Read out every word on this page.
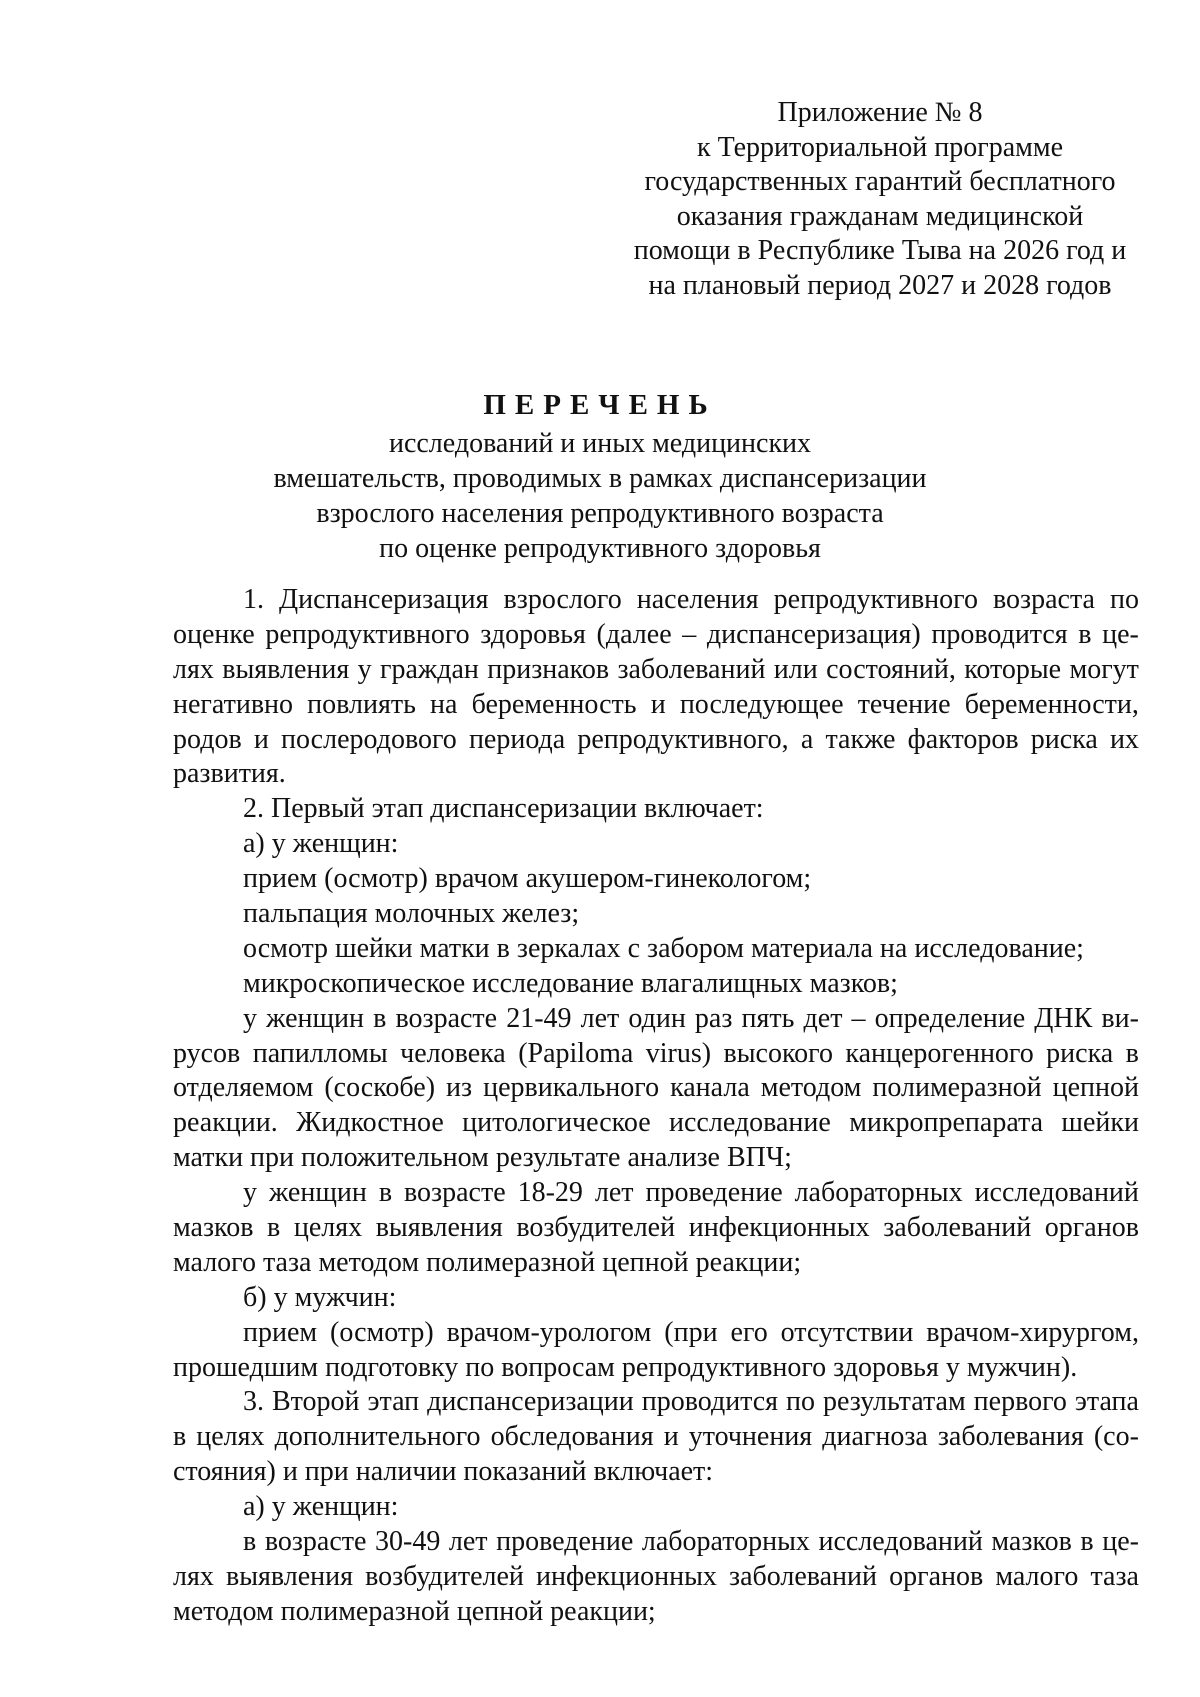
Приложение № 8
к Территориальной программе
государственных гарантий бесплатного
оказания гражданам медицинской
помощи в Республике Тыва на 2026 год и
на плановый период 2027 и 2028 годов
ПЕРЕЧЕНЬ
исследований и иных медицинских
вмешательств, проводимых в рамках диспансеризации
взрослого населения репродуктивного возраста
по оценке репродуктивного здоровья
1. Диспансеризация взрослого населения репродуктивного возраста по
оценке репродуктивного здоровья (далее – диспансеризация) проводится в це-
лях выявления у граждан признаков заболеваний или состояний, которые могут
негативно повлиять на беременность и последующее течение беременности,
родов и послеродового периода репродуктивного, а также факторов риска их
развития.
2. Первый этап диспансеризации включает:
а) у женщин:
прием (осмотр) врачом акушером-гинекологом;
пальпация молочных желез;
осмотр шейки матки в зеркалах с забором материала на исследование;
микроскопическое исследование влагалищных мазков;
у женщин в возрасте 21-49 лет один раз пять дет – определение ДНК ви-
русов папилломы человека (Papiloma virus) высокого канцерогенного риска в
отделяемом (соскобе) из цервикального канала методом полимеразной цепной
реакции. Жидкостное цитологическое исследование микропрепарата шейки
матки при положительном результате анализе ВПЧ;
у женщин в возрасте 18-29 лет проведение лабораторных исследований
мазков в целях выявления возбудителей инфекционных заболеваний органов
малого таза методом полимеразной цепной реакции;
б) у мужчин:
прием (осмотр) врачом-урологом (при его отсутствии врачом-хирургом,
прошедшим подготовку по вопросам репродуктивного здоровья у мужчин).
3. Второй этап диспансеризации проводится по результатам первого этапа
в целях дополнительного обследования и уточнения диагноза заболевания (со-
стояния) и при наличии показаний включает:
а) у женщин:
в возрасте 30-49 лет проведение лабораторных исследований мазков в це-
лях выявления возбудителей инфекционных заболеваний органов малого таза
методом полимеразной цепной реакции;
